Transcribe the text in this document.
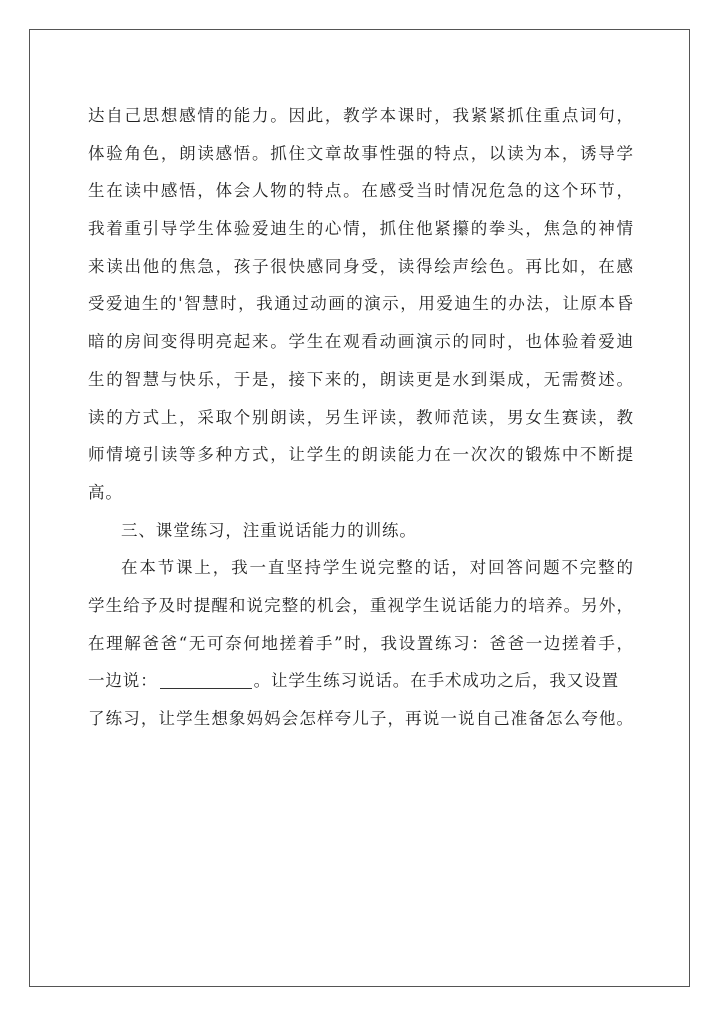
达自己思想感情的能力。因此，教学本课时，我紧紧抓住重点词句，
体验角色，朗读感悟。抓住文章故事性强的特点，以读为本，诱导学
生在读中感悟，体会人物的特点。在感受当时情况危急的这个环节，
我着重引导学生体验爱迪生的心情，抓住他紧攥的拳头，焦急的神情
来读出他的焦急，孩子很快感同身受，读得绘声绘色。再比如，在感
受爱迪生的'智慧时，我通过动画的演示，用爱迪生的办法，让原本昏
暗的房间变得明亮起来。学生在观看动画演示的同时，也体验着爱迪
生的智慧与快乐，于是，接下来的，朗读更是水到渠成，无需赘述。
读的方式上，采取个别朗读，另生评读，教师范读，男女生赛读，教
师情境引读等多种方式，让学生的朗读能力在一次次的锻炼中不断提
高。
三、课堂练习，注重说话能力的训练。
在本节课上，我一直坚持学生说完整的话，对回答问题不完整的
学生给予及时提醒和说完整的机会，重视学生说话能力的培养。另外，
在理解爸爸“无可奈何地搓着手”时，我设置练习：爸爸一边搓着手，
一边说：	。让学生练习说话。在手术成功之后，我又设置
了练习，让学生想象妈妈会怎样夸儿子，再说一说自己准备怎么夸他。
